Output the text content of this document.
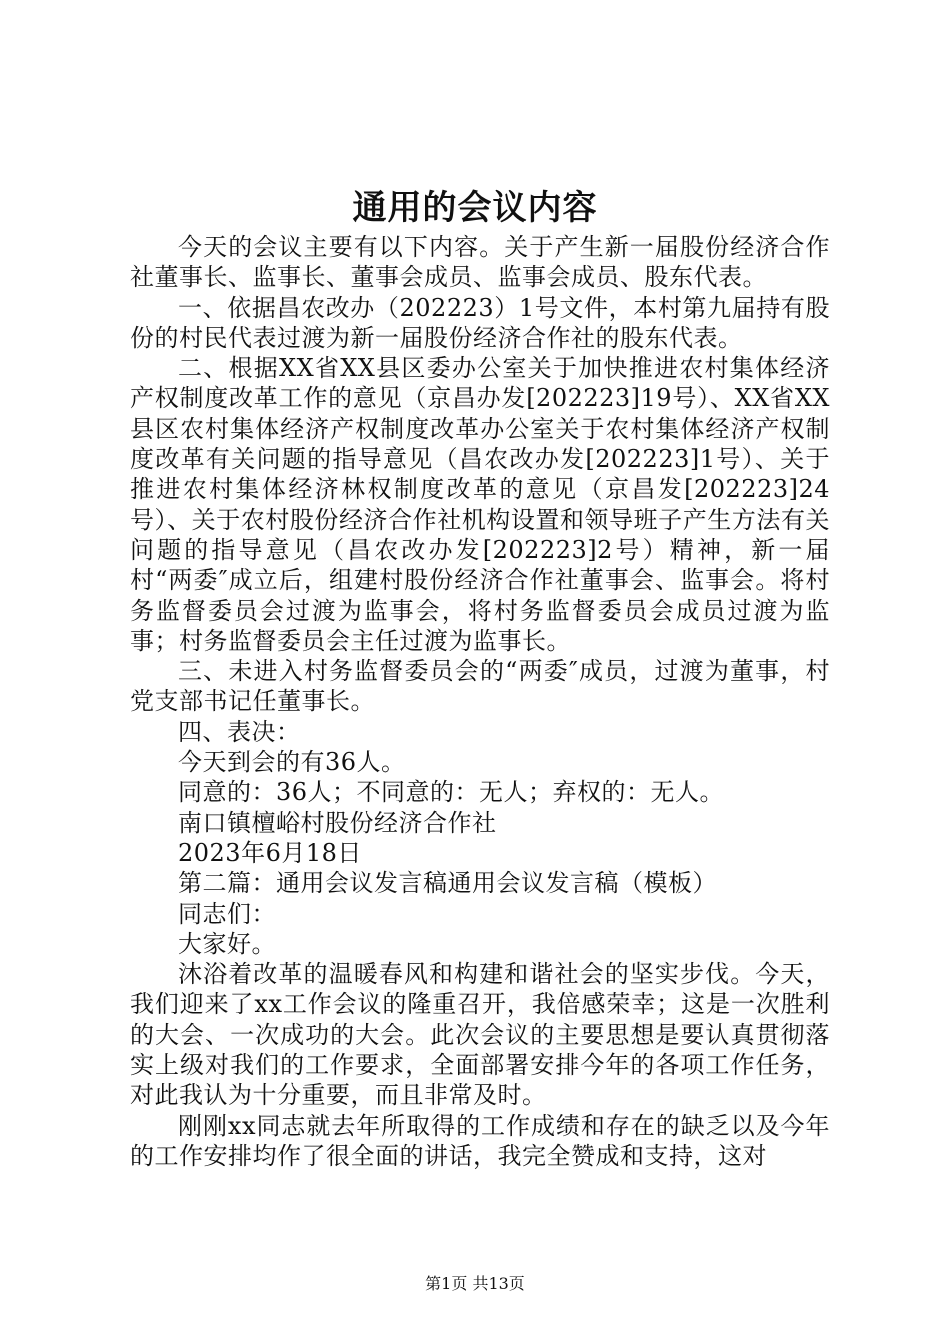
通用的会议内容

今天的会议主要有以下内容。关于产生新一届股份经济合作社董事长、监事长、董事会成员、监事会成员、股东代表。

一、依据昌农改办（202223）1号文件，本村第九届持有股份的村民代表过渡为新一届股份经济合作社的股东代表。

二、根据XX省XX县区委办公室关于加快推进农村集体经济产权制度改革工作的意见（京昌办发[202223]19号）、XX省XX县区农村集体经济产权制度改革办公室关于农村集体经济产权制度改革有关问题的指导意见（昌农改办发[202223]1号）、关于推进农村集体经济林权制度改革的意见（京昌发[202223]24号）、关于农村股份经济合作社机构设置和领导班子产生方法有关问题的指导意见（昌农改办发[202223]2号）精神，新一届村“两委″成立后，组建村股份经济合作社董事会、监事会。将村务监督委员会过渡为监事会，将村务监督委员会成员过渡为监事；村务监督委员会主任过渡为监事长。

三、未进入村务监督委员会的“两委″成员，过渡为董事，村党支部书记任董事长。

四、表决：

今天到会的有36人。

同意的：36人；不同意的：无人；弃权的：无人。

南口镇檀峪村股份经济合作社

2023年6月18日

第二篇：通用会议发言稿通用会议发言稿（模板）

同志们：

大家好。

沐浴着改革的温暖春风和构建和谐社会的坚实步伐。今天，我们迎来了xx工作会议的隆重召开，我倍感荣幸；这是一次胜利的大会、一次成功的大会。此次会议的主要思想是要认真贯彻落实上级对我们的工作要求，全面部署安排今年的各项工作任务，对此我认为十分重要，而且非常及时。

刚刚xx同志就去年所取得的工作成绩和存在的缺乏以及今年的工作安排均作了很全面的讲话，我完全赞成和支持，这对

第1页 共13页
